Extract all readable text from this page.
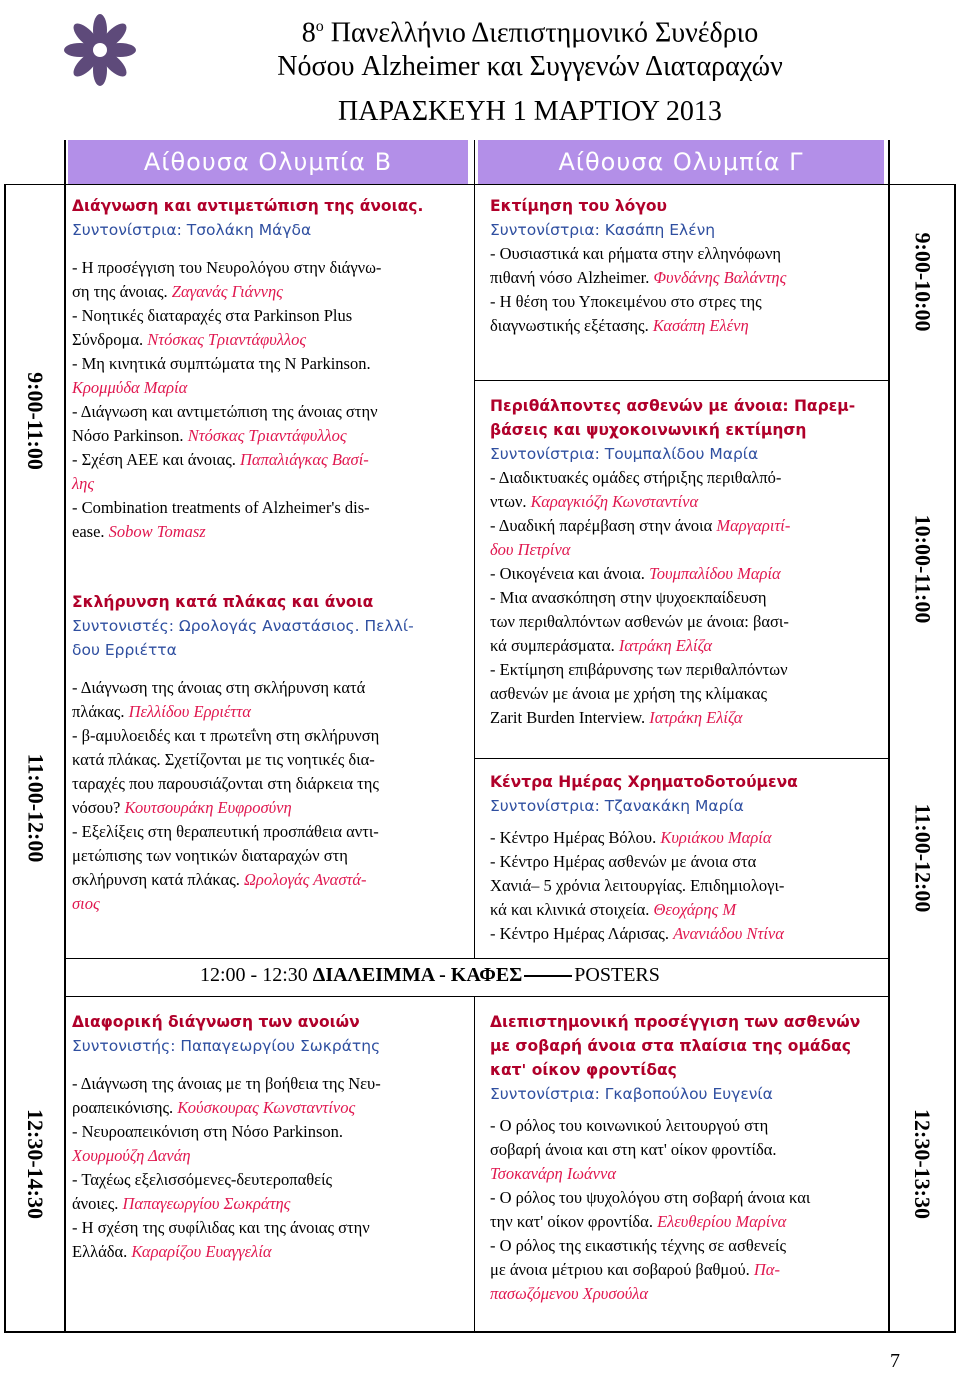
$8^o$ Πανελλήνιο Διεπιστημονικό Συνέδριο
Νόσου Alzheimer και Συγγενών Διαταραχών
ΠΑΡΑΣΚΕΥΗ 1 ΜΑΡΤΙΟΥ 2013
Αίθουσα Ολυμπία Β	Αίθουσα Ολυμπία Γ
9:00-11:00
11:00-12:00
12:30-14:30
9:00-10:00
10:00-11:00
11:00-12:00
12:30-13:30

Διάγνωση και αντιμετώπιση της άνοιας.

Συντονίστρια: Τσολάκη Μάγδα

- Η προσέγγιση του Νευρολόγου στην διάγνω-

ση της άνοιας. Ζαγανάς Γιάννης

- Νοητικές διαταραχές στα Parkinson Plus

Σύνδρομα. Ντόσκας Τριαντάφυλλος

- Μη κινητικά συμπτώματα της Ν Parkinson.

Κρομμύδα Μαρία

- Διάγνωση και αντιμετώπιση της άνοιας στην

Νόσο Parkinson. Ντόσκας Τριαντάφυλλος

- Σχέση ΑΕΕ και άνοιας. Παπαλιάγκας Βασί-

λης

- Combination treatments of Alzheimer's dis-

ease. Sobow Tomasz

Σκλήρυνση κατά πλάκας και άνοια

Συντονιστές: Ωρολογάς Αναστάσιος. Πελλί-

δου Ερριέττα

- Διάγνωση της άνοιας στη σκλήρυνση κατά

πλάκας. Πελλίδου Ερριέττα

- β-αμυλοειδές και τ πρωτεΐνη στη σκλήρυνση

κατά πλάκας. Σχετίζονται με τις νοητικές δια-

ταραχές που παρουσιάζονται στη διάρκεια της

νόσου? Κουτσουράκη Ευφροσύνη

- Εξελίξεις στη θεραπευτική προσπάθεια αντι-

μετώπισης των νοητικών διαταραχών στη

σκλήρυνση κατά πλάκας. Ωρολογάς Αναστά-

σιος

12:00 - 12:30 ΔΙΑΛΕΙΜΜΑ - ΚΑΦΕΣ	POSTERS

Διαφορική διάγνωση των ανοιών

Συντονιστής: Παπαγεωργίου Σωκράτης

- Διάγνωση της άνοιας με τη βοήθεια της Νευ-

ροαπεικόνισης. Κούσκουρας Κωνσταντίνος

- Νευροαπεικόνιση στη Νόσο Parkinson.

Χουρμούζη Δανάη

- Ταχέως εξελισσόμενες-δευτεροπαθείς

άνοιες. Παπαγεωργίου Σωκράτης

- Η σχέση της συφίλιδας και της άνοιας στην

Ελλάδα. Καραρίζου Ευαγγελία

Εκτίμηση του λόγου

Συντονίστρια: Κασάπη Ελένη

- Ουσιαστικά και ρήματα στην ελληνόφωνη

πιθανή νόσο Alzheimer. Φυνδάνης Βαλάντης

- Η θέση του Υποκειμένου στο στρες της

διαγνωστικής εξέτασης. Κασάπη Ελένη

Περιθάλποντες ασθενών με άνοια: Παρεμ-

βάσεις και ψυχοκοινωνική εκτίμηση

Συντονίστρια: Τουμπαλίδου Μαρία

- Διαδικτυακές ομάδες στήριξης περιθαλπό-

ντων. Καραγκιόζη Κωνσταντίνα

- Δυαδική παρέμβαση στην άνοια Μαργαριτί-

δου Πετρίνα

- Οικογένεια και άνοια. Τουμπαλίδου Μαρία

- Μια ανασκόπηση στην ψυχοεκπαίδευση

των περιθαλπόντων ασθενών με άνοια: βασι-

κά συμπεράσματα. Ιατράκη Ελίζα

- Εκτίμηση επιβάρυνσης των περιθαλπόντων

ασθενών με άνοια με χρήση της κλίμακας

Zarit Burden Interview. Ιατράκη Ελίζα

Κέντρα Ημέρας Χρηματοδοτούμενα

Συντονίστρια: Τζανακάκη Μαρία

- Κέντρο Ημέρας Βόλου. Κυριάκου Μαρία

- Κέντρο Ημέρας ασθενών με άνοια στα

Χανιά– 5 χρόνια λειτουργίας. Επιδημιολογι-

κά και κλινικά στοιχεία. Θεοχάρης Μ

- Κέντρο Ημέρας Λάρισας. Ανανιάδου Ντίνα

Διεπιστημονική προσέγγιση των ασθενών

με σοβαρή άνοια στα πλαίσια της ομάδας

κατ' οίκον φροντίδας

Συντονίστρια: Γκαβοπούλου Ευγενία

- Ο ρόλος του κοινωνικού λειτουργού στη

σοβαρή άνοια και στη κατ' οίκον φροντίδα.

Τσοκανάρη Ιωάννα

- Ο ρόλος του ψυχολόγου στη σοβαρή άνοια και

την κατ' οίκον φροντίδα. Ελευθερίου Μαρίνα

- Ο ρόλος της εικαστικής τέχνης σε ασθενείς

με άνοια μέτριου και σοβαρού βαθμού. Πα-

πασωζόμενου Χρυσούλα

7
